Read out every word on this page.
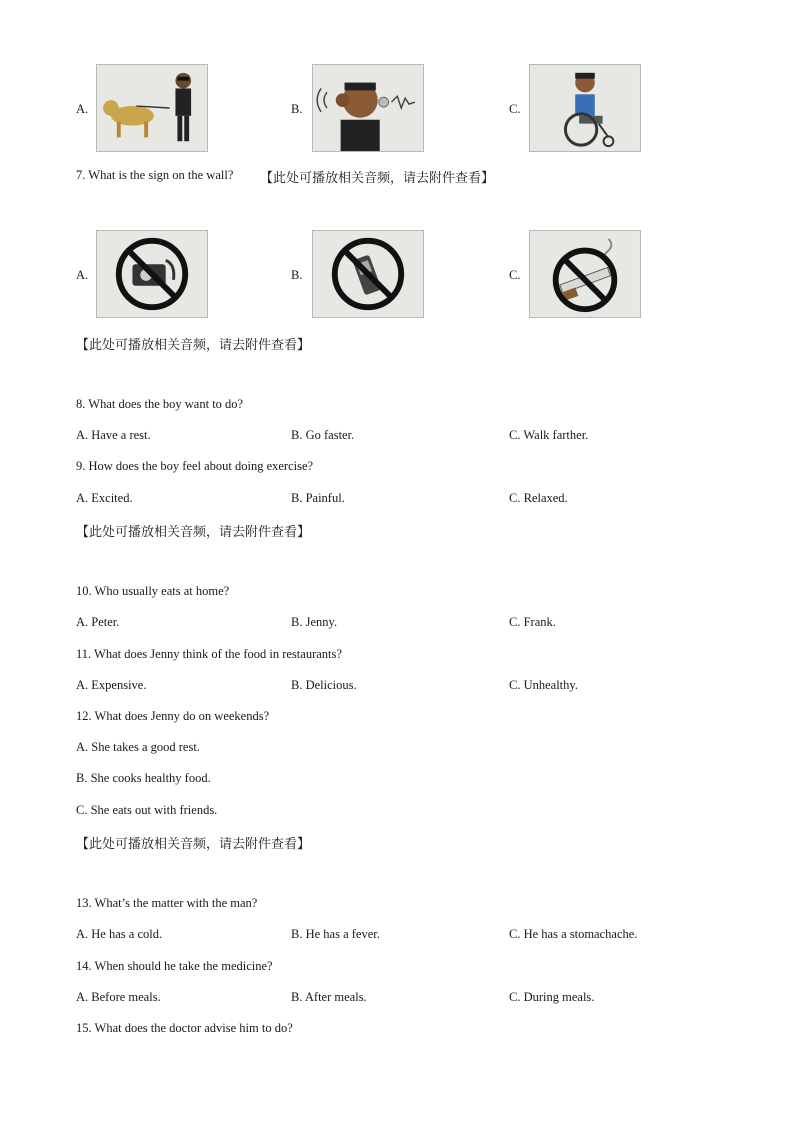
A.	B.	C.
7. What is the sign on the wall? 【此处可播放相关音频，请去附件查看】
A.	B.	C.
【此处可播放相关音频，请去附件查看】
8. What does the boy want to do?
A. Have a rest.	B. Go faster.	C. Walk farther.
9. How does the boy feel about doing exercise?
A. Excited.	B. Painful.	C. Relaxed.
【此处可播放相关音频，请去附件查看】
10. Who usually eats at home?
A. Peter.	B. Jenny.	C. Frank.
11. What does Jenny think of the food in restaurants?
A. Expensive.	B. Delicious.	C. Unhealthy.
12. What does Jenny do on weekends?
A. She takes a good rest.
B. She cooks healthy food.
C. She eats out with friends.
【此处可播放相关音频，请去附件查看】
13. What’s the matter with the man?
A. He has a cold.	B. He has a fever.	C. He has a stomachache.
14. When should he take the medicine?
A. Before meals.	B. After meals.	C. During meals.
15. What does the doctor advise him to do?
